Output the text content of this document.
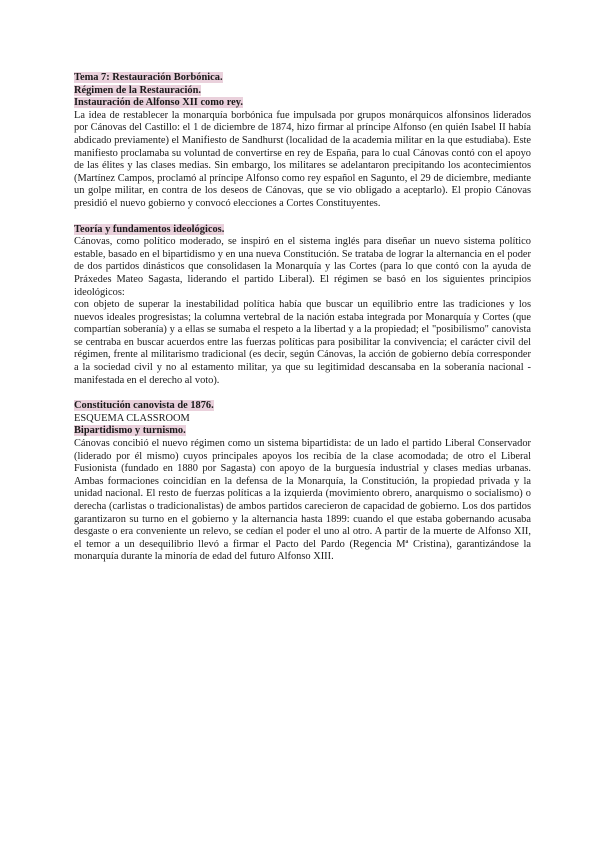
Tema 7: Restauración Borbónica.
Régimen de la Restauración.
Instauración de Alfonso XII como rey.

La idea de restablecer la monarquía borbónica fue impulsada por grupos monárquicos alfonsinos liderados por Cánovas del Castillo: el 1 de diciembre de 1874, hizo firmar al príncipe Alfonso (en quién Isabel II había abdicado previamente) el Manifiesto de Sandhurst (localidad de la academia militar en la que estudiaba). Este manifiesto proclamaba su voluntad de convertirse en rey de España, para lo cual Cánovas contó con el apoyo de las élites y las clases medias. Sin embargo, los militares se adelantaron precipitando los acontecimientos (Martínez Campos, proclamó al príncipe Alfonso como rey español en Sagunto, el 29 de diciembre, mediante un golpe militar, en contra de los deseos de Cánovas, que se vio obligado a aceptarlo). El propio Cánovas presidió el nuevo gobierno y convocó elecciones a Cortes Constituyentes.

Teoría y fundamentos ideológicos.

Cánovas, como político moderado, se inspiró en el sistema inglés para diseñar un nuevo sistema político estable, basado en el bipartidismo y en una nueva Constitución. Se trataba de lograr la alternancia en el poder de dos partidos dinásticos que consolidasen la Monarquía y las Cortes (para lo que contó con la ayuda de Práxedes Mateo Sagasta, liderando el partido Liberal). El régimen se basó en los siguientes principios ideológicos:

con objeto de superar la inestabilidad política había que buscar un equilibrio entre las tradiciones y los nuevos ideales progresistas; la columna vertebral de la nación estaba integrada por Monarquía y Cortes (que compartían soberanía) y a ellas se sumaba el respeto a la libertad y a la propiedad; el "posibilismo" canovista se centraba en buscar acuerdos entre las fuerzas políticas para posibilitar la convivencia; el carácter civil del régimen, frente al militarismo tradicional (es decir, según Cánovas, la acción de gobierno debía corresponder a la sociedad civil y no al estamento militar, ya que su legitimidad descansaba en la soberanía nacional -manifestada en el derecho al voto).

Constitución canovista de 1876.
ESQUEMA CLASSROOM
Bipartidismo y turnismo.

Cánovas concibió el nuevo régimen como un sistema bipartidista: de un lado el partido Liberal Conservador (liderado por él mismo) cuyos principales apoyos los recibía de la clase acomodada; de otro el Liberal Fusionista (fundado en 1880 por Sagasta) con apoyo de la burguesía industrial y clases medias urbanas. Ambas formaciones coincidían en la defensa de la Monarquía, la Constitución, la propiedad privada y la unidad nacional. El resto de fuerzas políticas a la izquierda (movimiento obrero, anarquismo o socialismo) o derecha (carlistas o tradicionalistas) de ambos partidos carecieron de capacidad de gobierno. Los dos partidos garantizaron su turno en el gobierno y la alternancia hasta 1899: cuando el que estaba gobernando acusaba desgaste o era conveniente un relevo, se cedían el poder el uno al otro. A partir de la muerte de Alfonso XII, el temor a un desequilibrio llevó a firmar el Pacto del Pardo (Regencia Mª Cristina), garantizándose la monarquía durante la minoría de edad del futuro Alfonso XIII.
